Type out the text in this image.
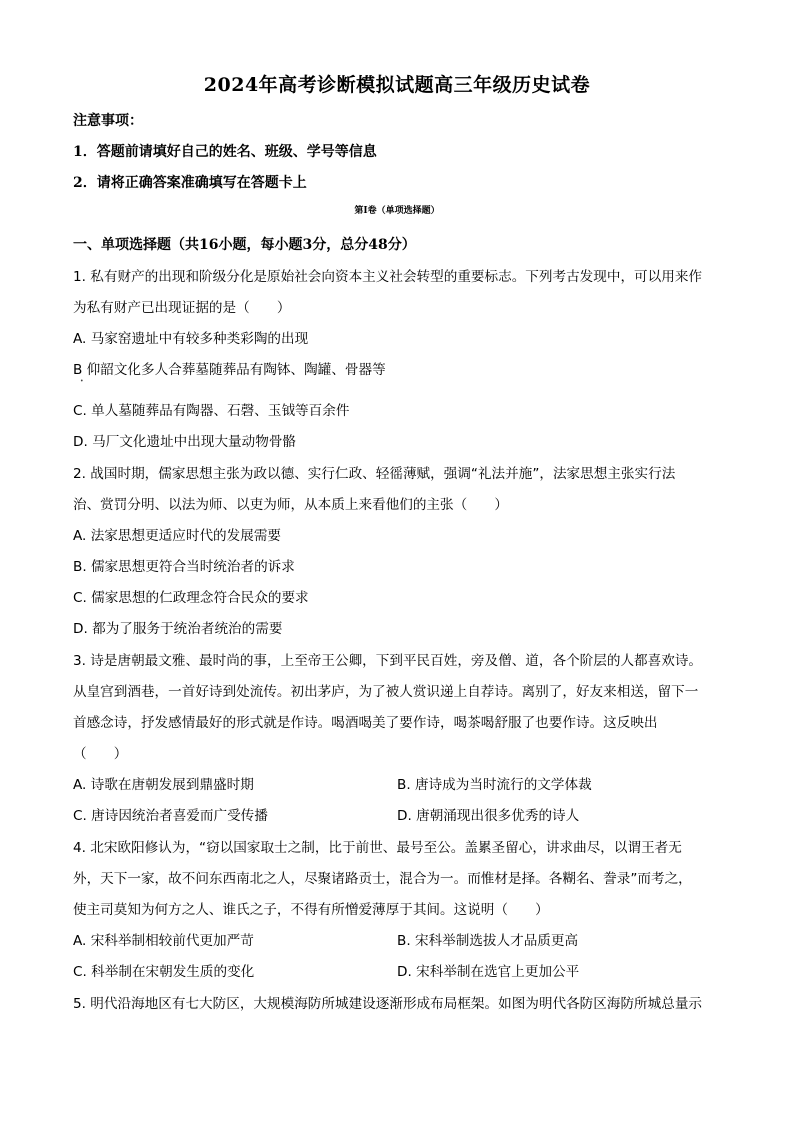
2024年高考诊断模拟试题高三年级历史试卷
注意事项：
1．答题前请填好自己的姓名、班级、学号等信息
2．请将正确答案准确填写在答题卡上
第Ⅰ卷（单项选择题）
一、单项选择题（共16小题，每小题3分，总分48分）
1. 私有财产的出现和阶级分化是原始社会向资本主义社会转型的重要标志。下列考古发现中，可以用来作
为私有财产已出现证据的是（　　）
A. 马家窑遗址中有较多种类彩陶的出现
B 仰韶文化多人合葬墓随葬品有陶钵、陶罐、骨器等
•
C. 单人墓随葬品有陶器、石磬、玉钺等百余件
D. 马厂文化遗址中出现大量动物骨骼
2. 战国时期，儒家思想主张为政以德、实行仁政、轻徭薄赋，强调“礼法并施”，法家思想主张实行法
治、赏罚分明、以法为师、以吏为师，从本质上来看他们的主张（　　）
A. 法家思想更适应时代的发展需要
B. 儒家思想更符合当时统治者的诉求
C. 儒家思想的仁政理念符合民众的要求
D. 都为了服务于统治者统治的需要
3. 诗是唐朝最文雅、最时尚的事，上至帝王公卿，下到平民百姓，旁及僧、道，各个阶层的人都喜欢诗。
从皇宫到酒巷，一首好诗到处流传。初出茅庐，为了被人赏识递上自荐诗。离别了，好友来相送，留下一
首感念诗，抒发感情最好的形式就是作诗。喝酒喝美了要作诗，喝茶喝舒服了也要作诗。这反映出
（　　）
A. 诗歌在唐朝发展到鼎盛时期	B. 唐诗成为当时流行的文学体裁
C. 唐诗因统治者喜爱而广受传播	D. 唐朝涌现出很多优秀的诗人
4. 北宋欧阳修认为，“窃以国家取士之制，比于前世、最号至公。盖累圣留心，讲求曲尽，以谓王者无
外，天下一家，故不问东西南北之人，尽聚诸路贡士，混合为一。而惟材是择。各糊名、誊录”而考之，
使主司莫知为何方之人、谁氏之子，不得有所憎爱薄厚于其间。这说明（　　）
A. 宋科举制相较前代更加严苛	B. 宋科举制选拔人才品质更高
C. 科举制在宋朝发生质的变化	D. 宋科举制在选官上更加公平
5. 明代沿海地区有七大防区，大规模海防所城建设逐渐形成布局框架。如图为明代各防区海防所城总量示
